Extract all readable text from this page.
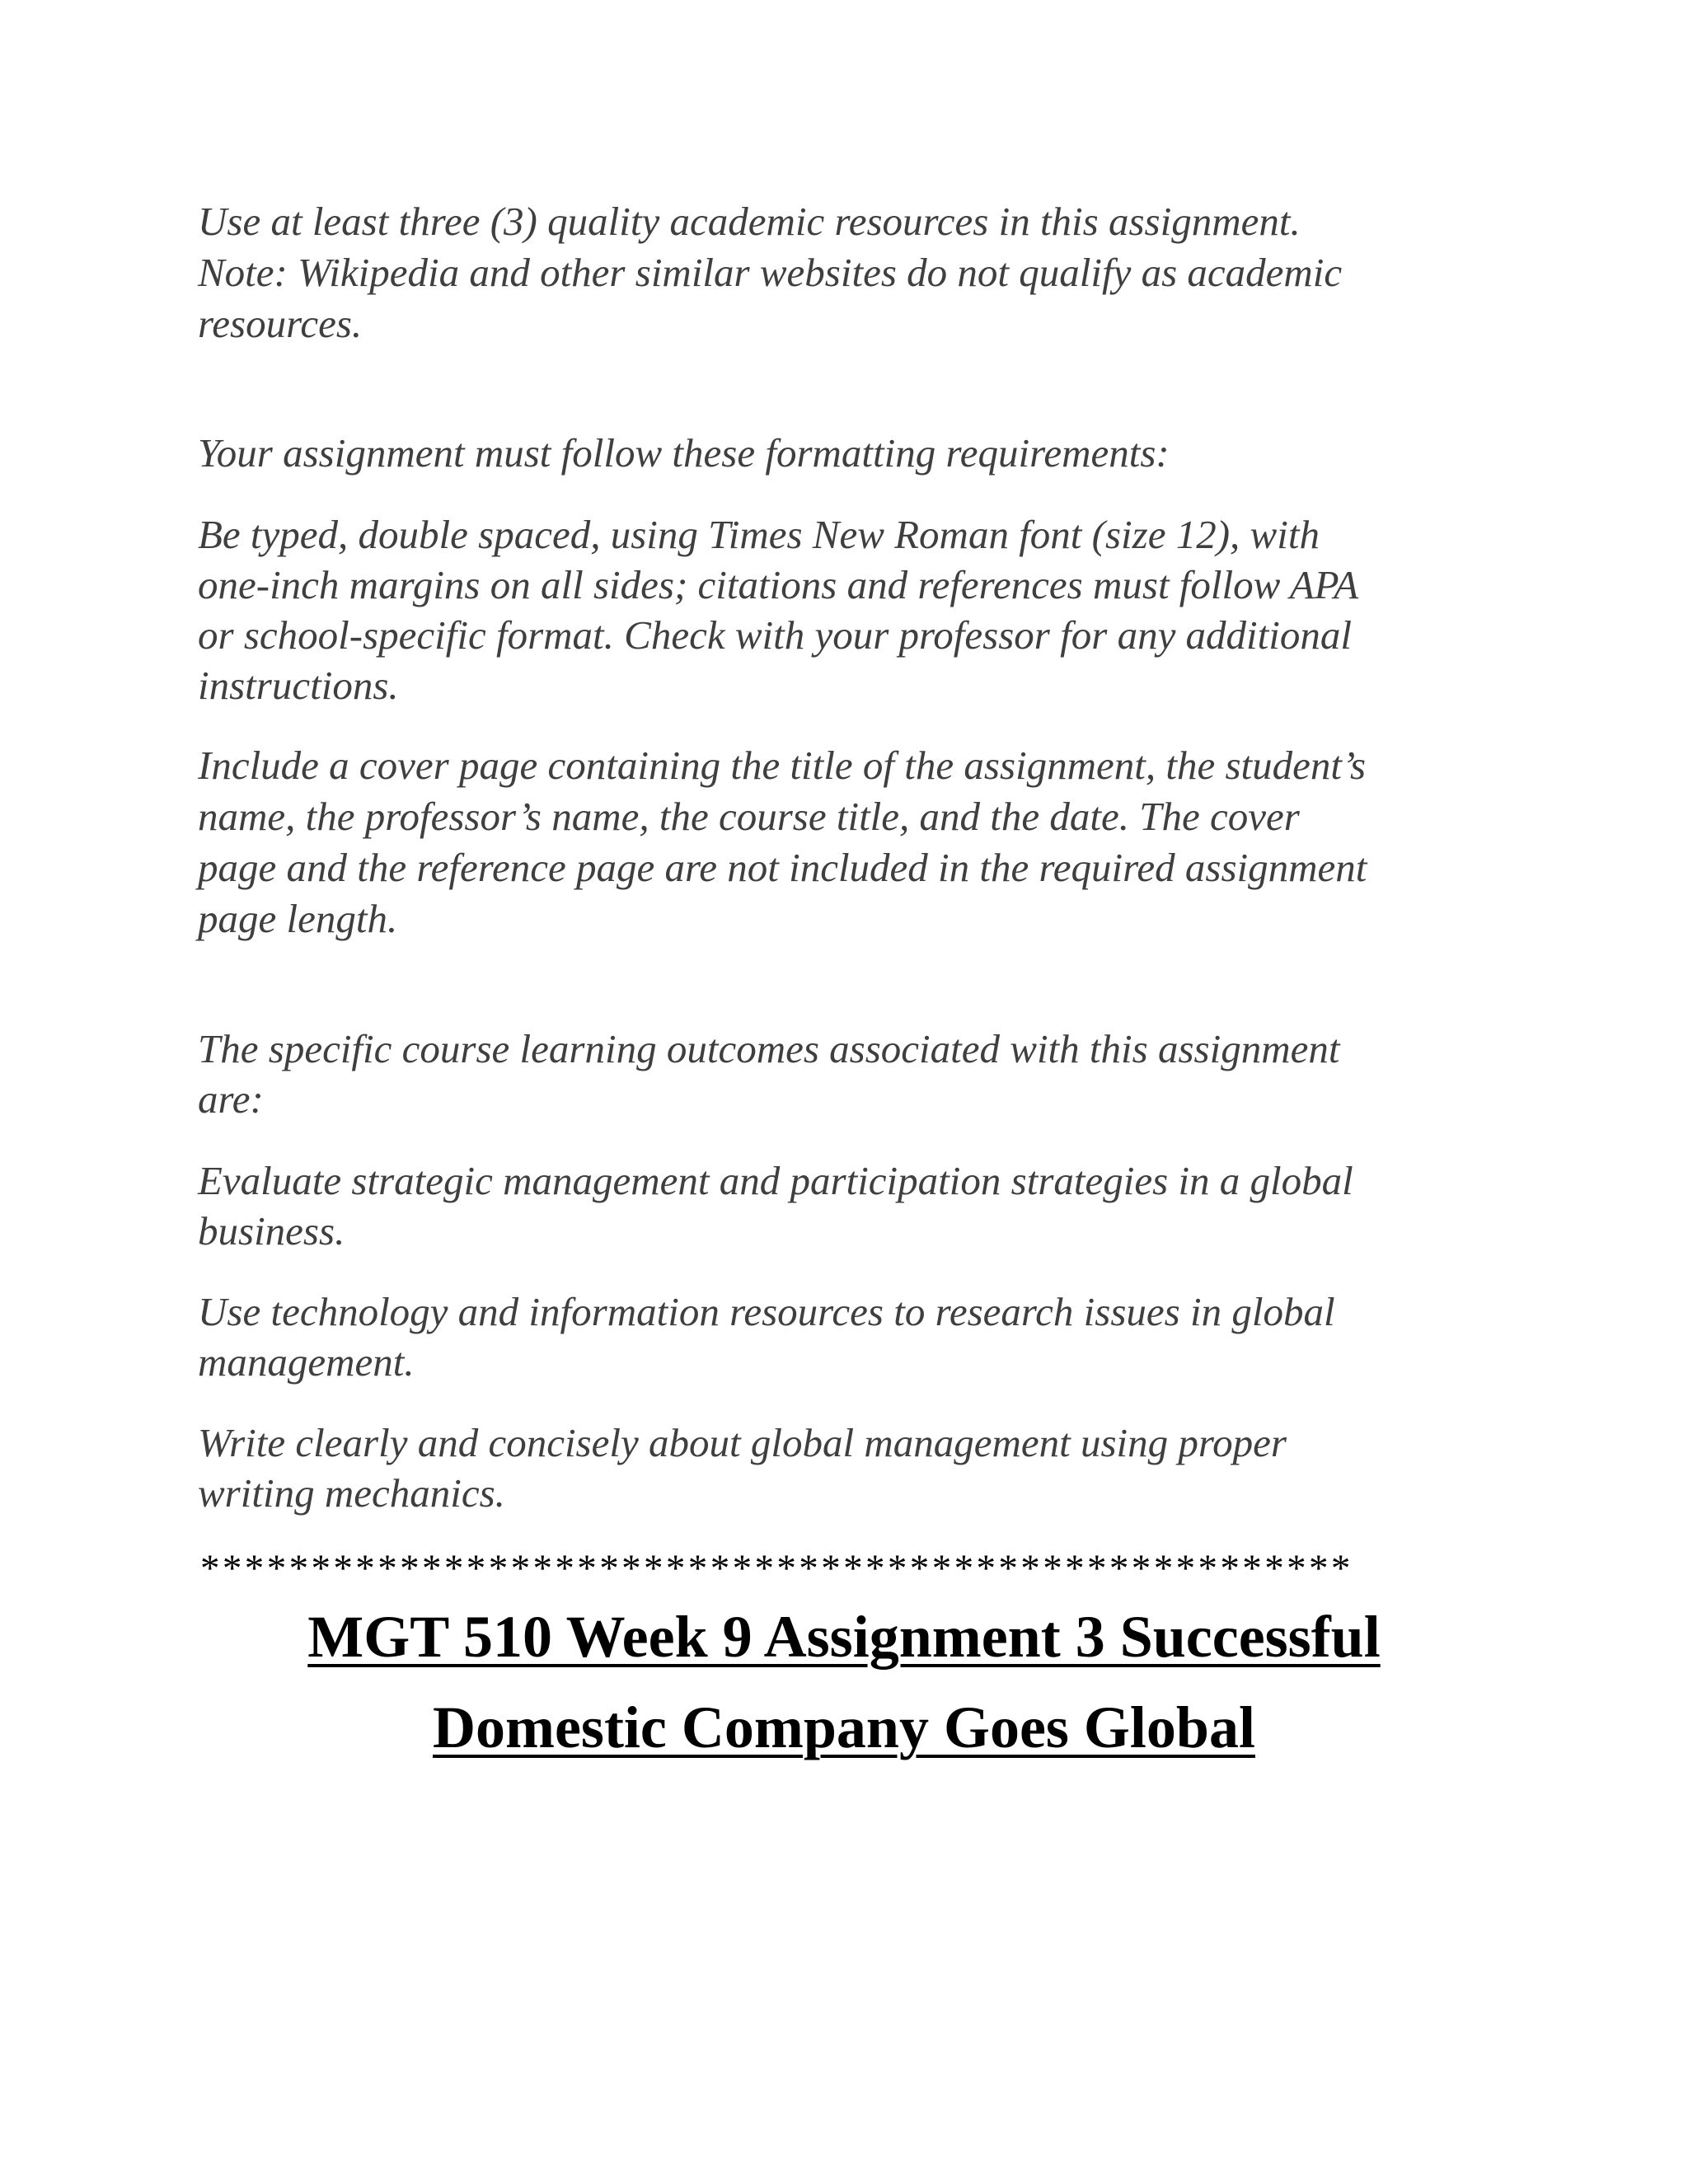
Use at least three (3) quality academic resources in this assignment.

Note: Wikipedia and other similar websites do not qualify as academic

resources.

Your assignment must follow these formatting requirements:

Be typed, double spaced, using Times New Roman font (size 12), with

one-inch margins on all sides; citations and references must follow APA

or school-specific format. Check with your professor for any additional

instructions.

Include a cover page containing the title of the assignment, the student’s

name, the professor’s name, the course title, and the date. The cover

page and the reference page are not included in the required assignment

page length.

The specific course learning outcomes associated with this assignment

are:

Evaluate strategic management and participation strategies in a global

business.

Use technology and information resources to research issues in global

management.

Write clearly and concisely about global management using proper

writing mechanics.

****************************************************

MGT 510 Week 9 Assignment 3 Successful

Domestic Company Goes Global
